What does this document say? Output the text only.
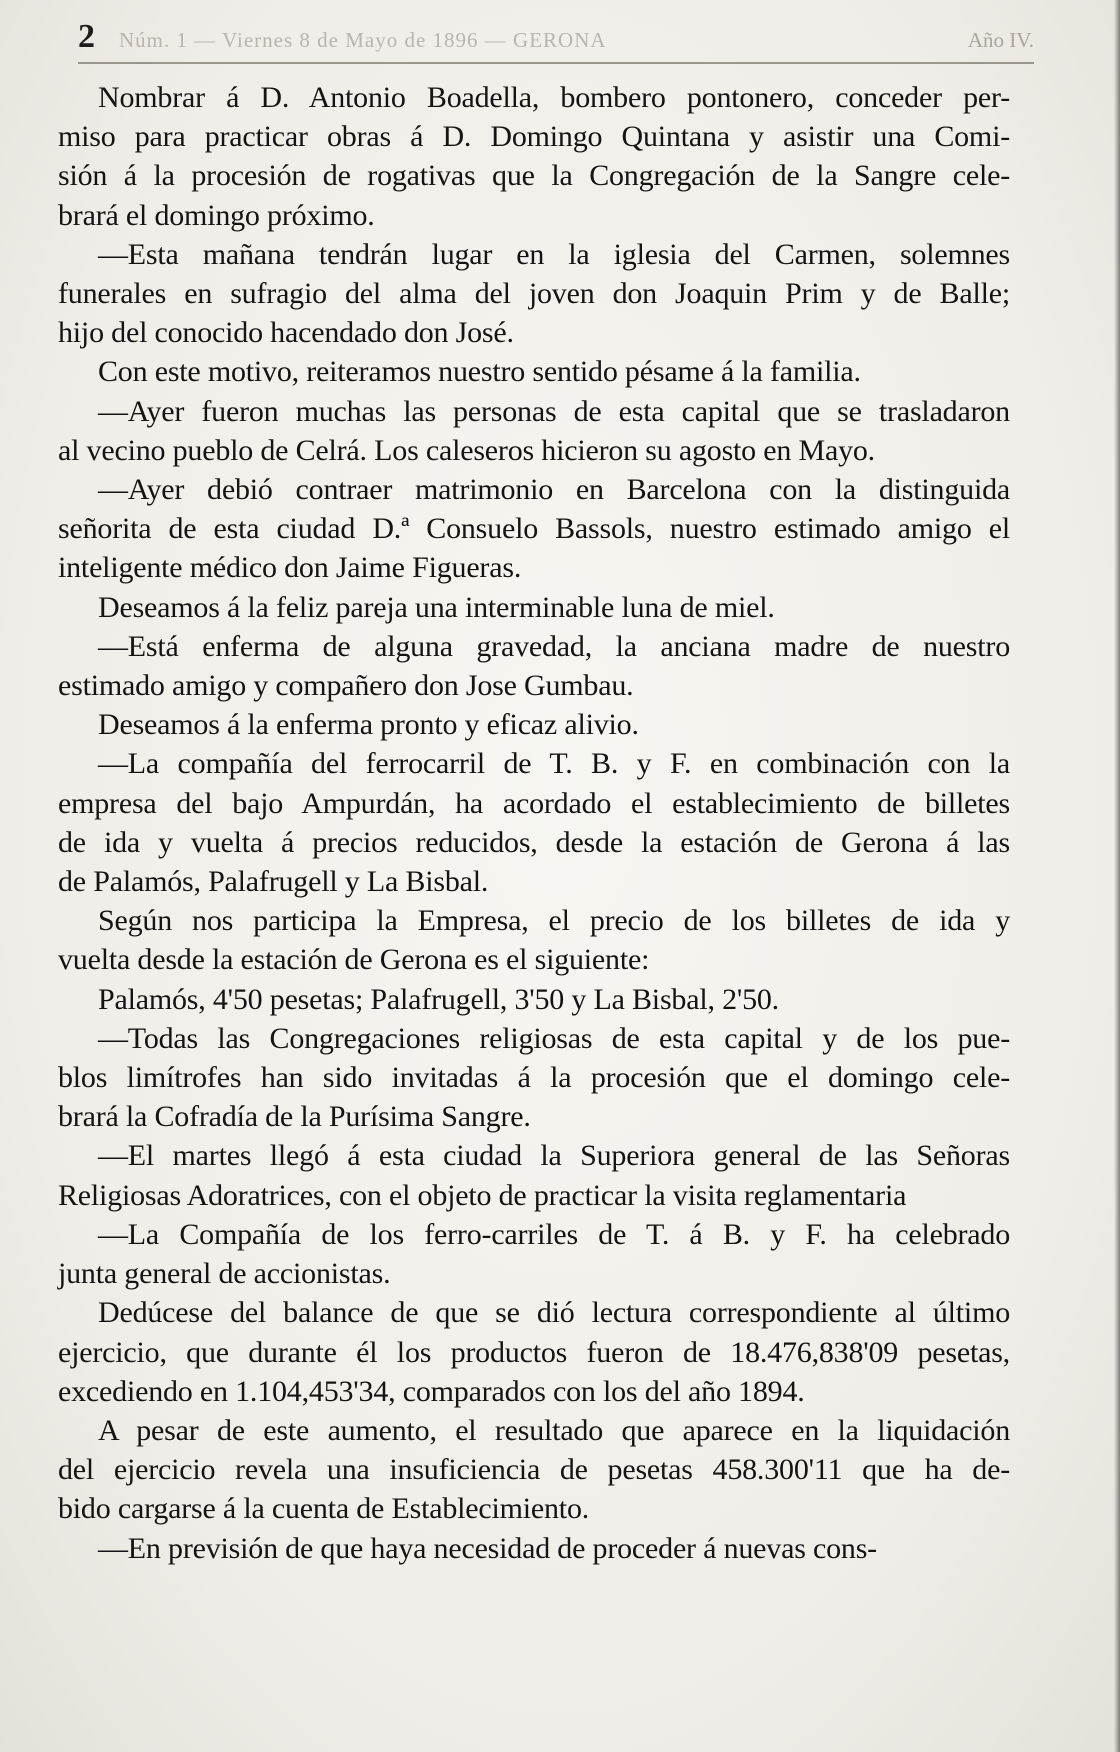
2 Núm. 1 — Viernes 8 de Mayo de 1896 — GERONA	Año IV.
Nombrar á D. Antonio Boadella, bombero pontonero, conceder per-
miso para practicar obras á D. Domingo Quintana y asistir una Comi-
sión á la procesión de rogativas que la Congregación de la Sangre cele-
brará el domingo próximo.
—Esta mañana tendrán lugar en la iglesia del Carmen, solemnes
funerales en sufragio del alma del joven don Joaquin Prim y de Balle;
hijo del conocido hacendado don José.
Con este motivo, reiteramos nuestro sentido pésame á la familia.
—Ayer fueron muchas las personas de esta capital que se trasladaron
al vecino pueblo de Celrá. Los caleseros hicieron su agosto en Mayo.
—Ayer debió contraer matrimonio en Barcelona con la distinguida
señorita de esta ciudad D.ª Consuelo Bassols, nuestro estimado amigo el
inteligente médico don Jaime Figueras.
Deseamos á la feliz pareja una interminable luna de miel.
—Está enferma de alguna gravedad, la anciana madre de nuestro
estimado amigo y compañero don Jose Gumbau.
Deseamos á la enferma pronto y eficaz alivio.
—La compañía del ferrocarril de T. B. y F. en combinación con la
empresa del bajo Ampurdán, ha acordado el establecimiento de billetes
de ida y vuelta á precios reducidos, desde la estación de Gerona á las
de Palamós, Palafrugell y La Bisbal.
Según nos participa la Empresa, el precio de los billetes de ida y
vuelta desde la estación de Gerona es el siguiente:
Palamós, 4'50 pesetas; Palafrugell, 3'50 y La Bisbal, 2'50.
—Todas las Congregaciones religiosas de esta capital y de los pue-
blos limítrofes han sido invitadas á la procesión que el domingo cele-
brará la Cofradía de la Purísima Sangre.
—El martes llegó á esta ciudad la Superiora general de las Señoras
Religiosas Adoratrices, con el objeto de practicar la visita reglamentaria
—La Compañía de los ferro-carriles de T. á B. y F. ha celebrado
junta general de accionistas.
Dedúcese del balance de que se dió lectura correspondiente al último
ejercicio, que durante él los productos fueron de 18.476,838'09 pesetas,
excediendo en 1.104,453'34, comparados con los del año 1894.
A pesar de este aumento, el resultado que aparece en la liquidación
del ejercicio revela una insuficiencia de pesetas 458.300'11 que ha de-
bido cargarse á la cuenta de Establecimiento.
—En previsión de que haya necesidad de proceder á nuevas cons-
